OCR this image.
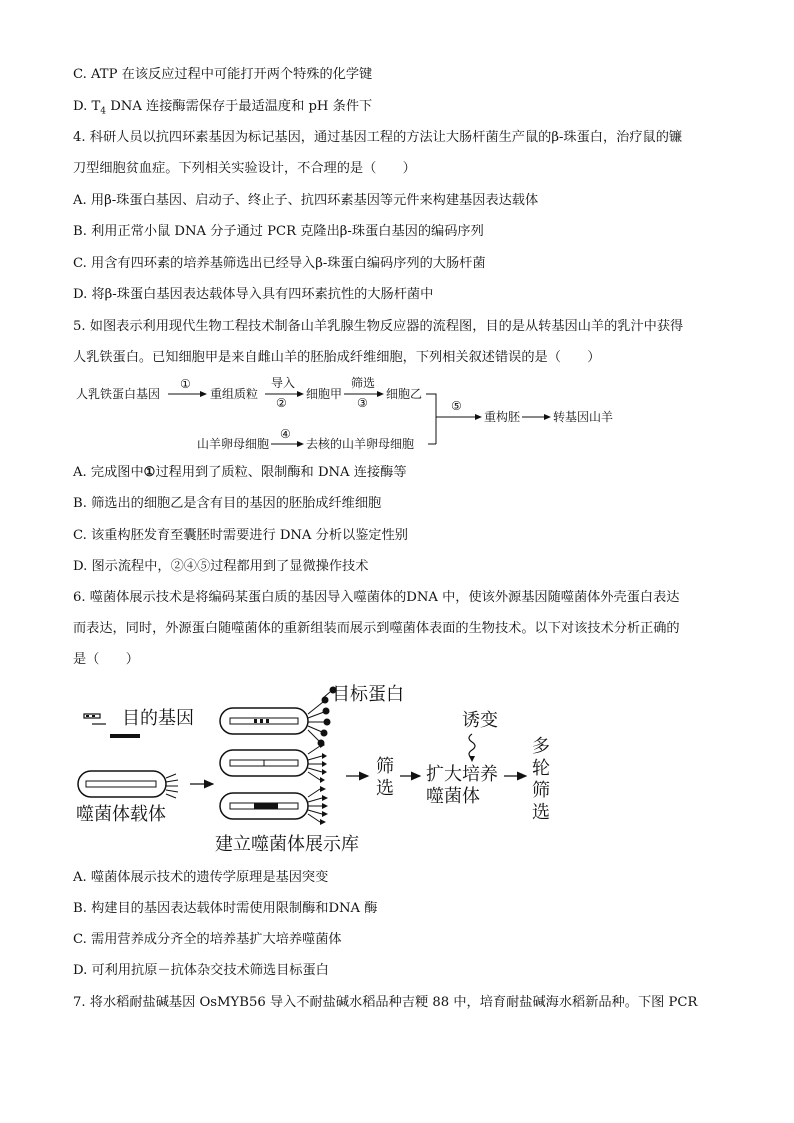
C. ATP 在该反应过程中可能打开两个特殊的化学键
D. $T_4$ DNA 连接酶需保存于最适温度和 pH 条件下
4. 科研人员以抗四环素基因为标记基因，通过基因工程的方法让大肠杆菌生产鼠的β-珠蛋白，治疗鼠的镰
刀型细胞贫血症。下列相关实验设计，不合理的是（　　）
A. 用β-珠蛋白基因、启动子、终止子、抗四环素基因等元件来构建基因表达载体
B. 利用正常小鼠 DNA 分子通过 PCR 克隆出β-珠蛋白基因的编码序列
C. 用含有四环素的培养基筛选出已经导入β-珠蛋白编码序列的大肠杆菌
D. 将β-珠蛋白基因表达载体导入具有四环素抗性的大肠杆菌中
5. 如图表示利用现代生物工程技术制备山羊乳腺生物反应器的流程图，目的是从转基因山羊的乳汁中获得
人乳铁蛋白。已知细胞甲是来自雌山羊的胚胎成纤维细胞，下列相关叙述错误的是（　　）
人乳铁蛋白基因
①
重组质粒
导入
②
细胞甲
筛选
③
细胞乙
⑤
重构胚	转基因山羊
山羊卵母细胞
④
去核的山羊卵母细胞
A. 完成图中①过程用到了质粒、限制酶和 DNA 连接酶等
B. 筛选出的细胞乙是含有目的基因的胚胎成纤维细胞
C. 该重构胚发育至囊胚时需要进行 DNA 分析以鉴定性别
D. 图示流程中，②④⑤过程都用到了显微操作技术
6. 噬菌体展示技术是将编码某蛋白质的基因导入噬菌体的DNA 中，使该外源基因随噬菌体外壳蛋白表达
而表达，同时，外源蛋白随噬菌体的重新组装而展示到噬菌体表面的生物技术。以下对该技术分析正确的
是（　　）
目的基因
噬菌体载体
目标蛋白
建立噬菌体展示库
筛
选
诱变
扩大培养
噬菌体
多
轮
筛
选
A. 噬菌体展示技术的遗传学原理是基因突变
B. 构建目的基因表达载体时需使用限制酶和DNA 酶
C. 需用营养成分齐全的培养基扩大培养噬菌体
D. 可利用抗原－抗体杂交技术筛选目标蛋白
7. 将水稻耐盐碱基因 OsMYB56 导入不耐盐碱水稻品种吉粳 88 中，培育耐盐碱海水稻新品种。下图 PCR
